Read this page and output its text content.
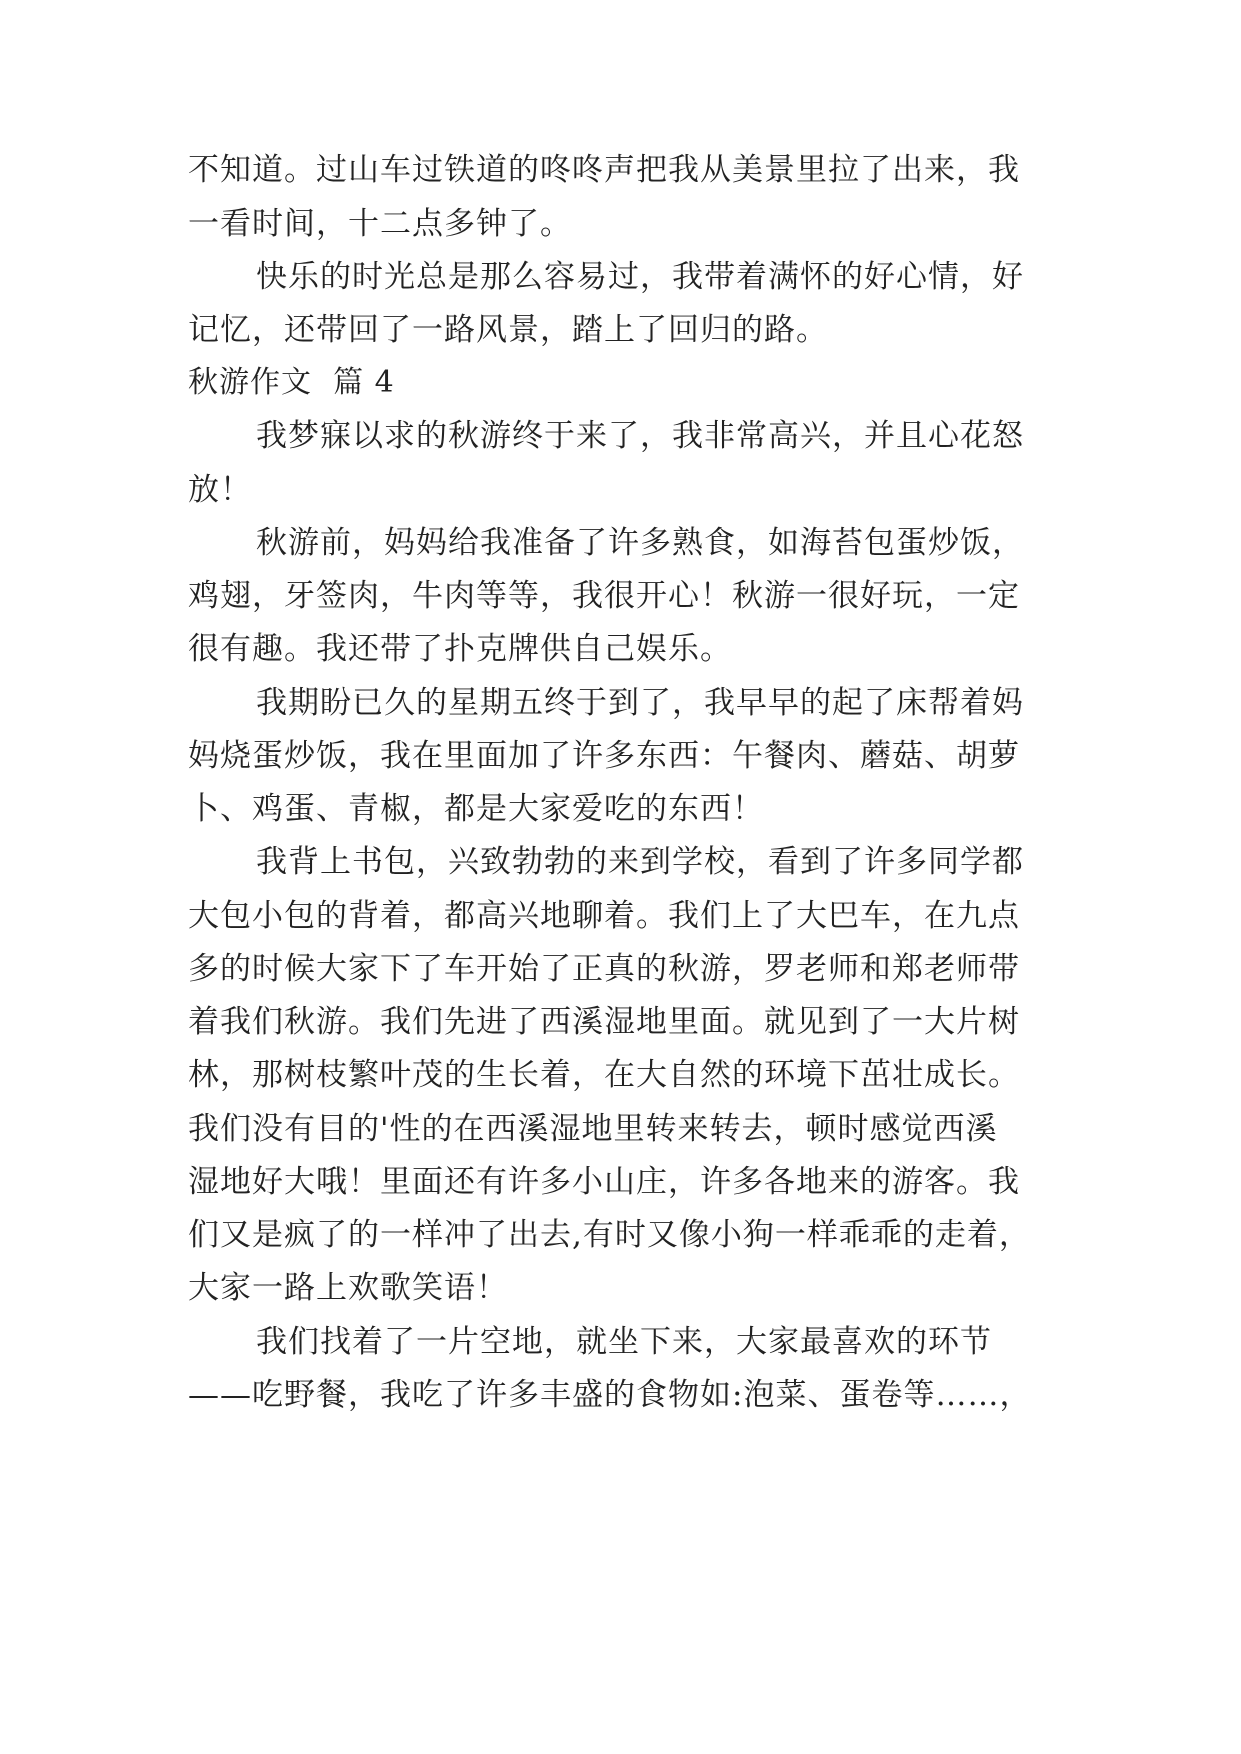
不知道。过山车过铁道的咚咚声把我从美景里拉了出来，我
一看时间，十二点多钟了。
快乐的时光总是那么容易过，我带着满怀的好心情，好
记忆，还带回了一路风景，踏上了回归的路。
秋游作文  篇 4
我梦寐以求的秋游终于来了，我非常高兴，并且心花怒
放！
秋游前，妈妈给我准备了许多熟食，如海苔包蛋炒饭，
鸡翅，牙签肉，牛肉等等，我很开心！秋游一很好玩，一定
很有趣。我还带了扑克牌供自己娱乐。
我期盼已久的星期五终于到了，我早早的起了床帮着妈
妈烧蛋炒饭，我在里面加了许多东西：午餐肉、蘑菇、胡萝
卜、鸡蛋、青椒，都是大家爱吃的东西！
我背上书包，兴致勃勃的来到学校，看到了许多同学都
大包小包的背着，都高兴地聊着。我们上了大巴车，在九点
多的时候大家下了车开始了正真的秋游，罗老师和郑老师带
着我们秋游。我们先进了西溪湿地里面。就见到了一大片树
林，那树枝繁叶茂的生长着，在大自然的环境下茁壮成长。
我们没有目的'性的在西溪湿地里转来转去，顿时感觉西溪
湿地好大哦！里面还有许多小山庄，许多各地来的游客。我
们又是疯了的一样冲了出去,有时又像小狗一样乖乖的走着，
大家一路上欢歌笑语！
我们找着了一片空地，就坐下来，大家最喜欢的环节
——吃野餐，我吃了许多丰盛的食物如:泡菜、蛋卷等……，
